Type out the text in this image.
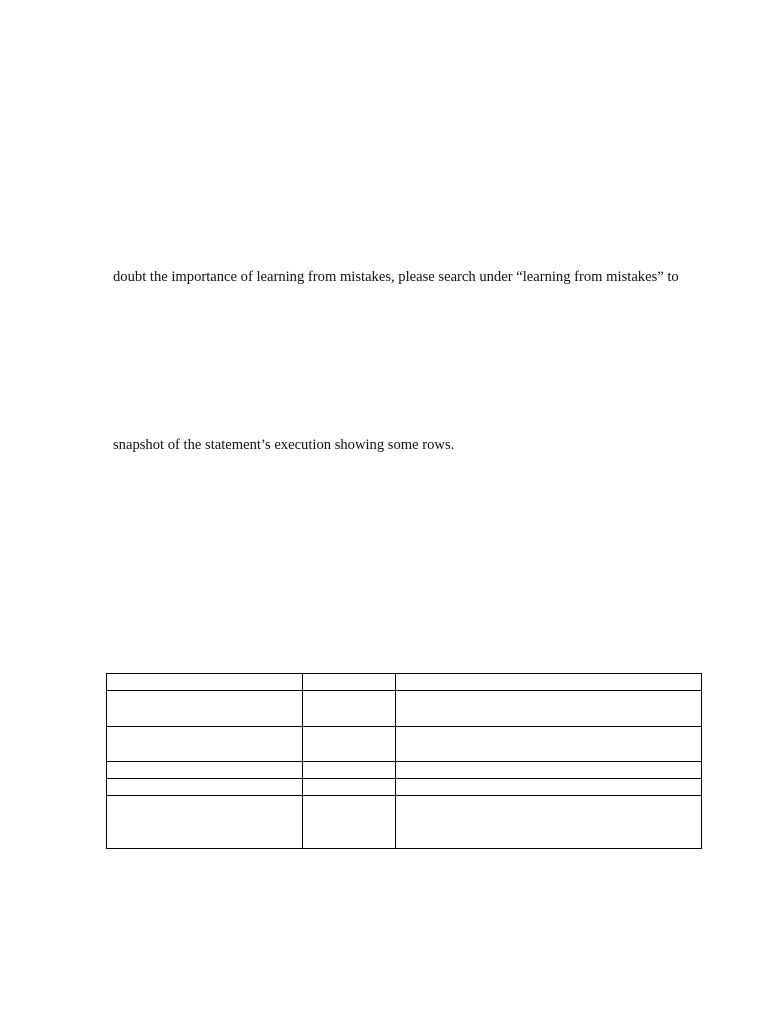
doubt the importance of learning from mistakes, please search under “learning from mistakes” to
snapshot of the statement’s execution showing some rows.
